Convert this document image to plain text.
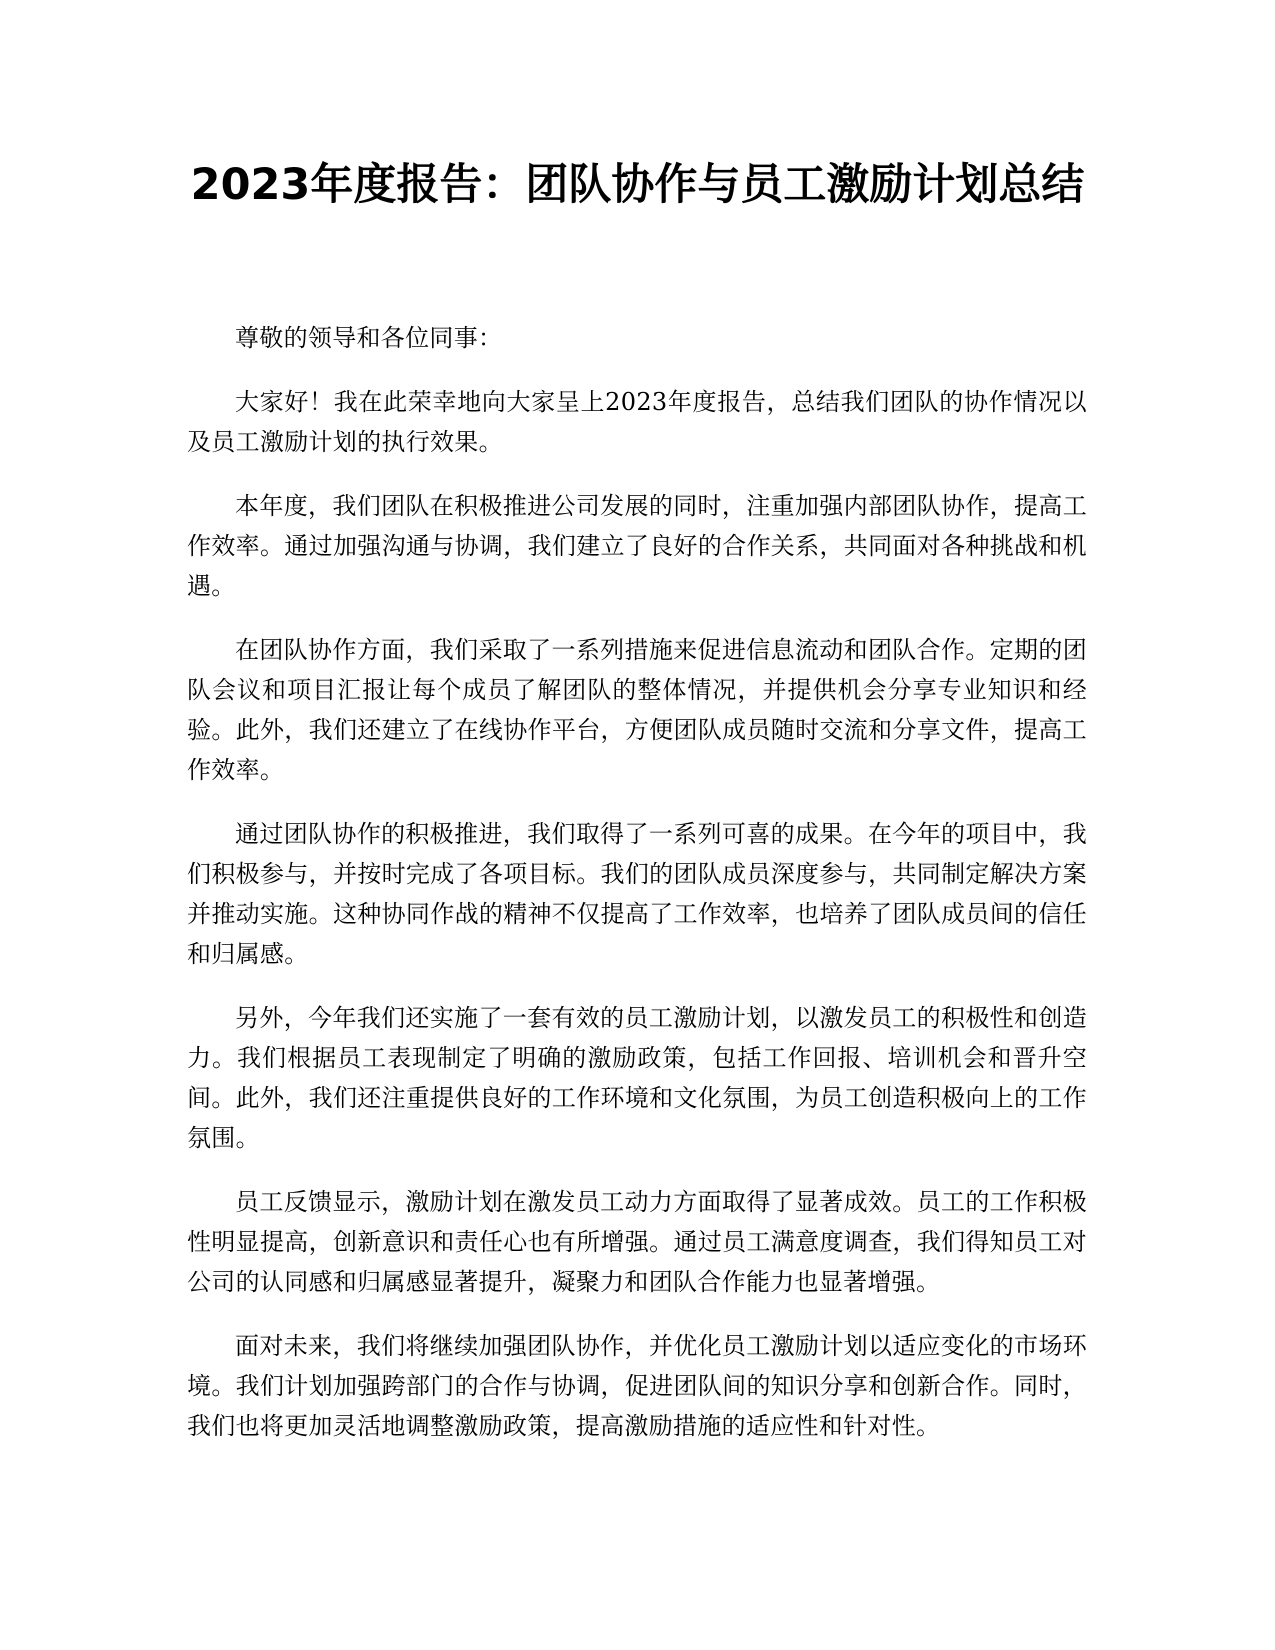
2023年度报告：团队协作与员工激励计划总结

尊敬的领导和各位同事：

大家好！我在此荣幸地向大家呈上2023年度报告，总结我们团队的协作情况以及员工激励计划的执行效果。

本年度，我们团队在积极推进公司发展的同时，注重加强内部团队协作，提高工作效率。通过加强沟通与协调，我们建立了良好的合作关系，共同面对各种挑战和机遇。

在团队协作方面，我们采取了一系列措施来促进信息流动和团队合作。定期的团队会议和项目汇报让每个成员了解团队的整体情况，并提供机会分享专业知识和经验。此外，我们还建立了在线协作平台，方便团队成员随时交流和分享文件，提高工作效率。

通过团队协作的积极推进，我们取得了一系列可喜的成果。在今年的项目中，我们积极参与，并按时完成了各项目标。我们的团队成员深度参与，共同制定解决方案并推动实施。这种协同作战的精神不仅提高了工作效率，也培养了团队成员间的信任和归属感。

另外，今年我们还实施了一套有效的员工激励计划，以激发员工的积极性和创造力。我们根据员工表现制定了明确的激励政策，包括工作回报、培训机会和晋升空间。此外，我们还注重提供良好的工作环境和文化氛围，为员工创造积极向上的工作氛围。

员工反馈显示，激励计划在激发员工动力方面取得了显著成效。员工的工作积极性明显提高，创新意识和责任心也有所增强。通过员工满意度调查，我们得知员工对公司的认同感和归属感显著提升，凝聚力和团队合作能力也显著增强。

面对未来，我们将继续加强团队协作，并优化员工激励计划以适应变化的市场环境。我们计划加强跨部门的合作与协调，促进团队间的知识分享和创新合作。同时，我们也将更加灵活地调整激励政策，提高激励措施的适应性和针对性。
